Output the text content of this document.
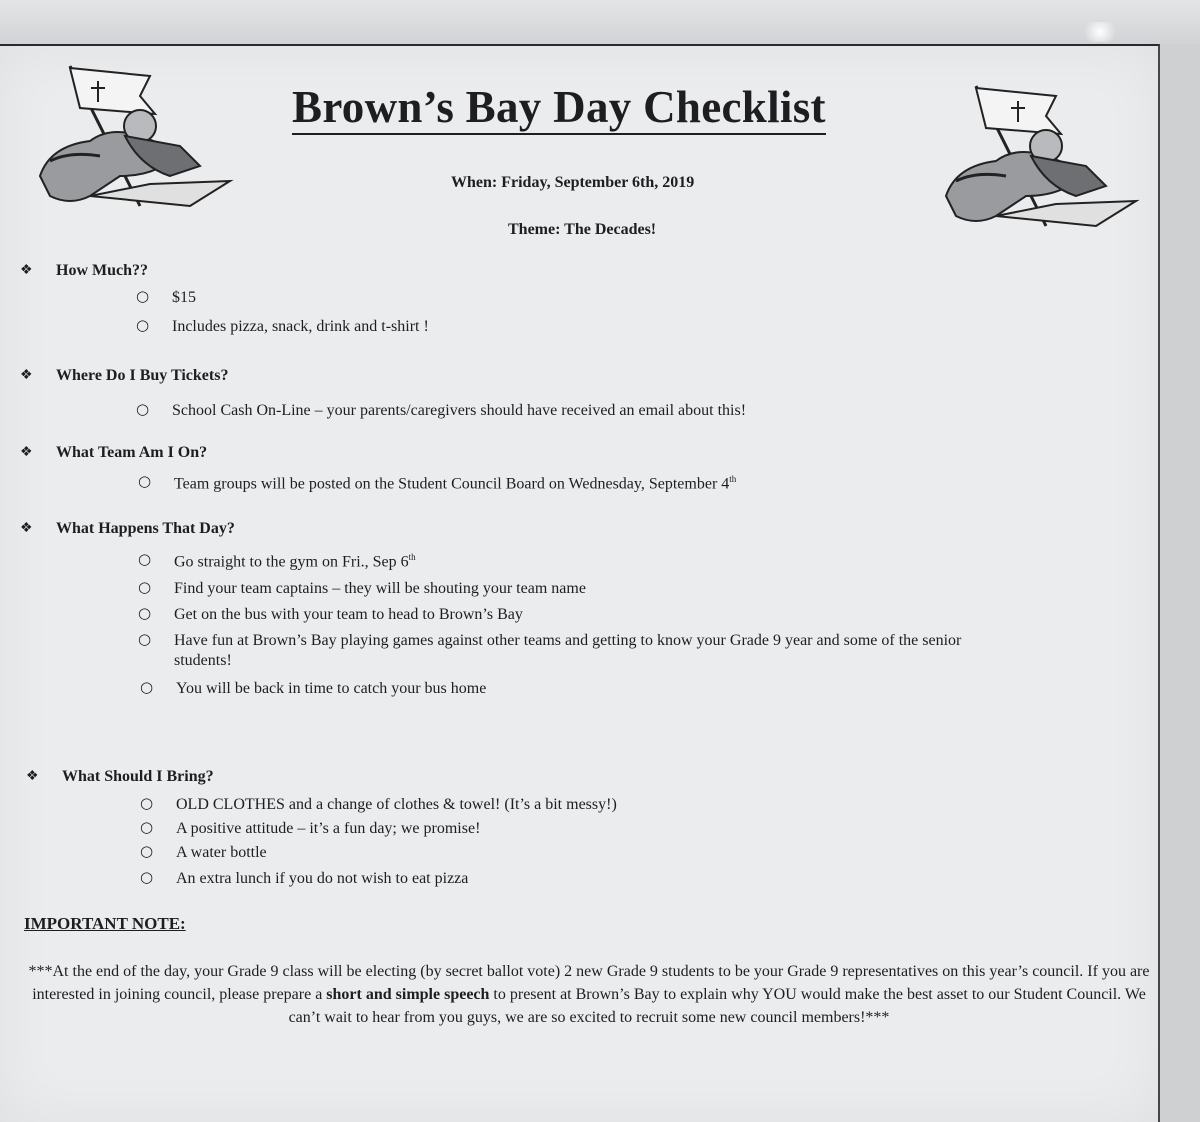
Brown’s Bay Day Checklist
When: Friday, September 6th, 2019
Theme: The Decades!
❖ How Much??
○ $15
○ Includes pizza, snack, drink and t-shirt !
❖ Where Do I Buy Tickets?
○ School Cash On-Line – your parents/caregivers should have received an email about this!
❖ What Team Am I On?
○ Team groups will be posted on the Student Council Board on Wednesday, September 4th
❖ What Happens That Day?
○ Go straight to the gym on Fri., Sep 6th
○ Find your team captains – they will be shouting your team name
○ Get on the bus with your team to head to Brown’s Bay
○ Have fun at Brown’s Bay playing games against other teams and getting to know your Grade 9 year and some of the senior
students!
○ You will be back in time to catch your bus home
❖ What Should I Bring?
○ OLD CLOTHES and a change of clothes & towel! (It’s a bit messy!)
○ A positive attitude – it’s a fun day; we promise!
○ A water bottle
○ An extra lunch if you do not wish to eat pizza
IMPORTANT NOTE:
***At the end of the day, your Grade 9 class will be electing (by secret ballot vote) 2 new Grade 9 students to be your Grade 9 representatives on this year’s council. If you are interested in joining council, please prepare a short and simple speech to present at Brown’s Bay to explain why YOU would make the best asset to our Student Council. We can’t wait to hear from you guys, we are so excited to recruit some new council members!***
